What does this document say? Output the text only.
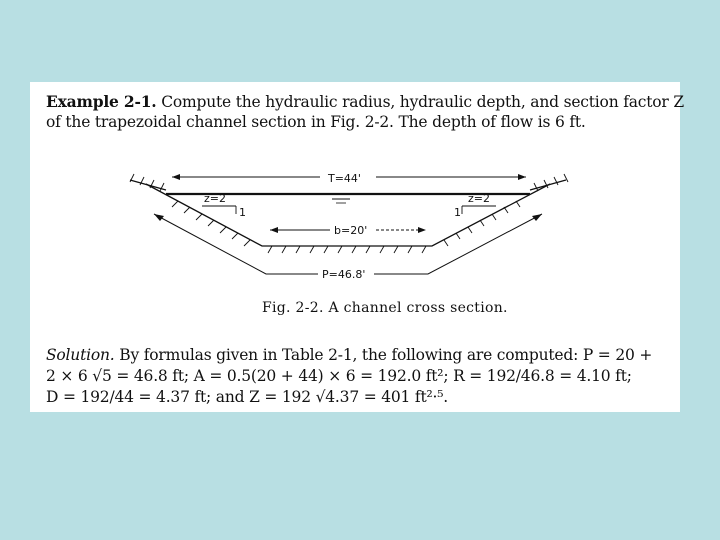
Example 2-1. Compute the hydraulic radius, hydraulic depth, and section factor Z
of the trapezoidal channel section in Fig. 2-2. The depth of flow is 6 ft.
T=44'
z=2
1
z=2
1
b=20'
P=46.8'
Fig. 2-2. A channel cross section.
Solution. By formulas given in Table 2-1, the following are computed: P = 20 +
2 × 6 √5 = 46.8 ft; A = 0.5(20 + 44) × 6 = 192.0 ft²; R = 192/46.8 = 4.10 ft;
D = 192/44 = 4.37 ft; and Z = 192 √4.37 = 401 ft²·⁵.
